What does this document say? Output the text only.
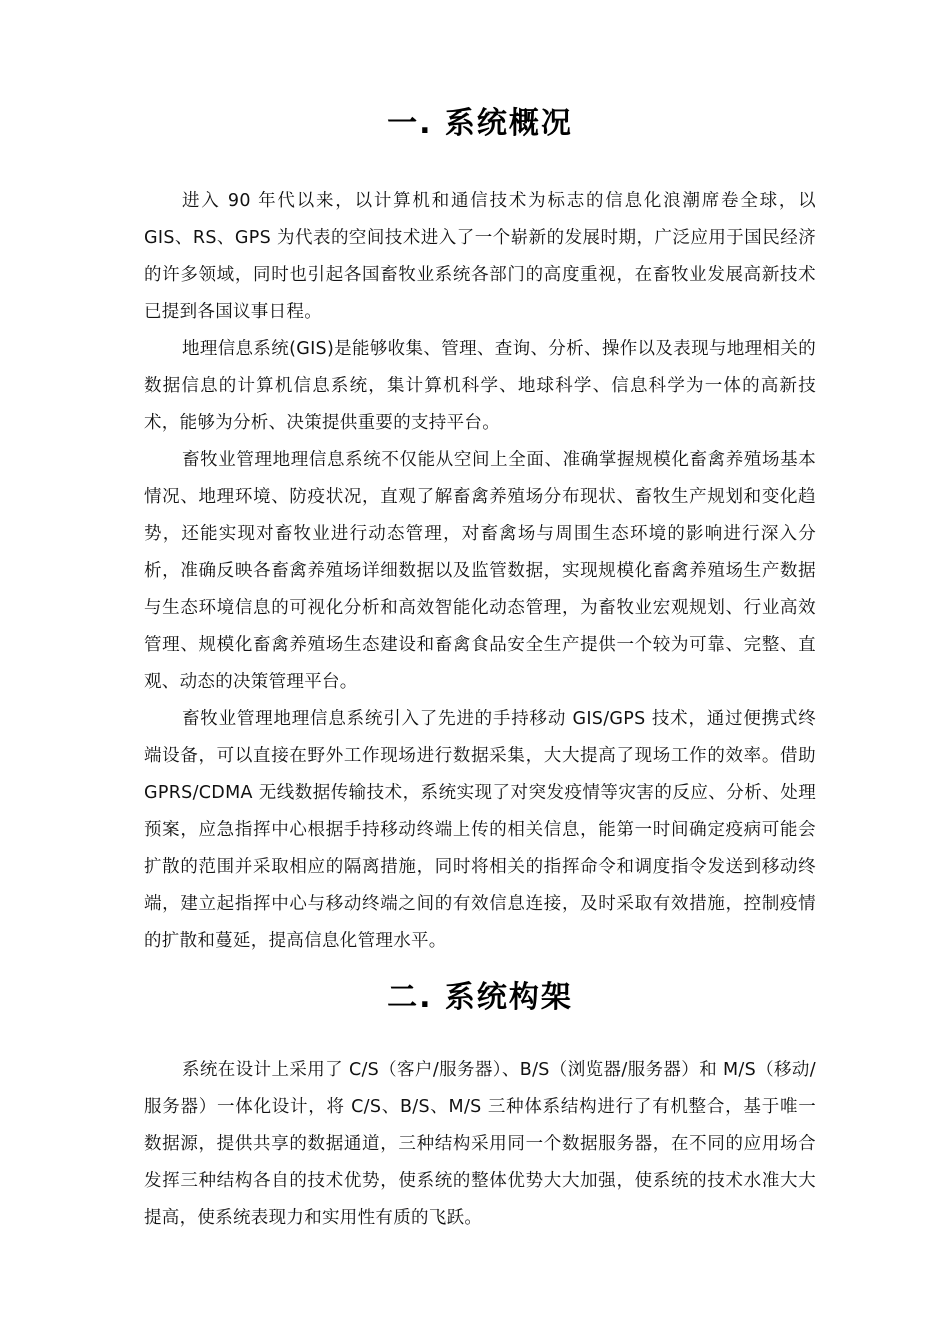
一. 系统概况

进入 90 年代以来，以计算机和通信技术为标志的信息化浪潮席卷全球，以 GIS、RS、GPS 为代表的空间技术进入了一个崭新的发展时期，广泛应用于国民经济的许多领域，同时也引起各国畜牧业系统各部门的高度重视，在畜牧业发展高新技术已提到各国议事日程。

地理信息系统(GIS)是能够收集、管理、查询、分析、操作以及表现与地理相关的数据信息的计算机信息系统，集计算机科学、地球科学、信息科学为一体的高新技术，能够为分析、决策提供重要的支持平台。

畜牧业管理地理信息系统不仅能从空间上全面、准确掌握规模化畜禽养殖场基本情况、地理环境、防疫状况，直观了解畜禽养殖场分布现状、畜牧生产规划和变化趋势，还能实现对畜牧业进行动态管理，对畜禽场与周围生态环境的影响进行深入分析，准确反映各畜禽养殖场详细数据以及监管数据，实现规模化畜禽养殖场生产数据与生态环境信息的可视化分析和高效智能化动态管理，为畜牧业宏观规划、行业高效管理、规模化畜禽养殖场生态建设和畜禽食品安全生产提供一个较为可靠、完整、直观、动态的决策管理平台。

畜牧业管理地理信息系统引入了先进的手持移动 GIS/GPS 技术，通过便携式终端设备，可以直接在野外工作现场进行数据采集，大大提高了现场工作的效率。借助 GPRS/CDMA 无线数据传输技术，系统实现了对突发疫情等灾害的反应、分析、处理预案，应急指挥中心根据手持移动终端上传的相关信息，能第一时间确定疫病可能会扩散的范围并采取相应的隔离措施，同时将相关的指挥命令和调度指令发送到移动终端，建立起指挥中心与移动终端之间的有效信息连接，及时采取有效措施，控制疫情的扩散和蔓延，提高信息化管理水平。

二. 系统构架

系统在设计上采用了 C/S（客户/服务器）、B/S（浏览器/服务器）和 M/S（移动/服务器）一体化设计，将 C/S、B/S、M/S 三种体系结构进行了有机整合，基于唯一数据源，提供共享的数据通道，三种结构采用同一个数据服务器，在不同的应用场合发挥三种结构各自的技术优势，使系统的整体优势大大加强，使系统的技术水准大大提高，使系统表现力和实用性有质的飞跃。
